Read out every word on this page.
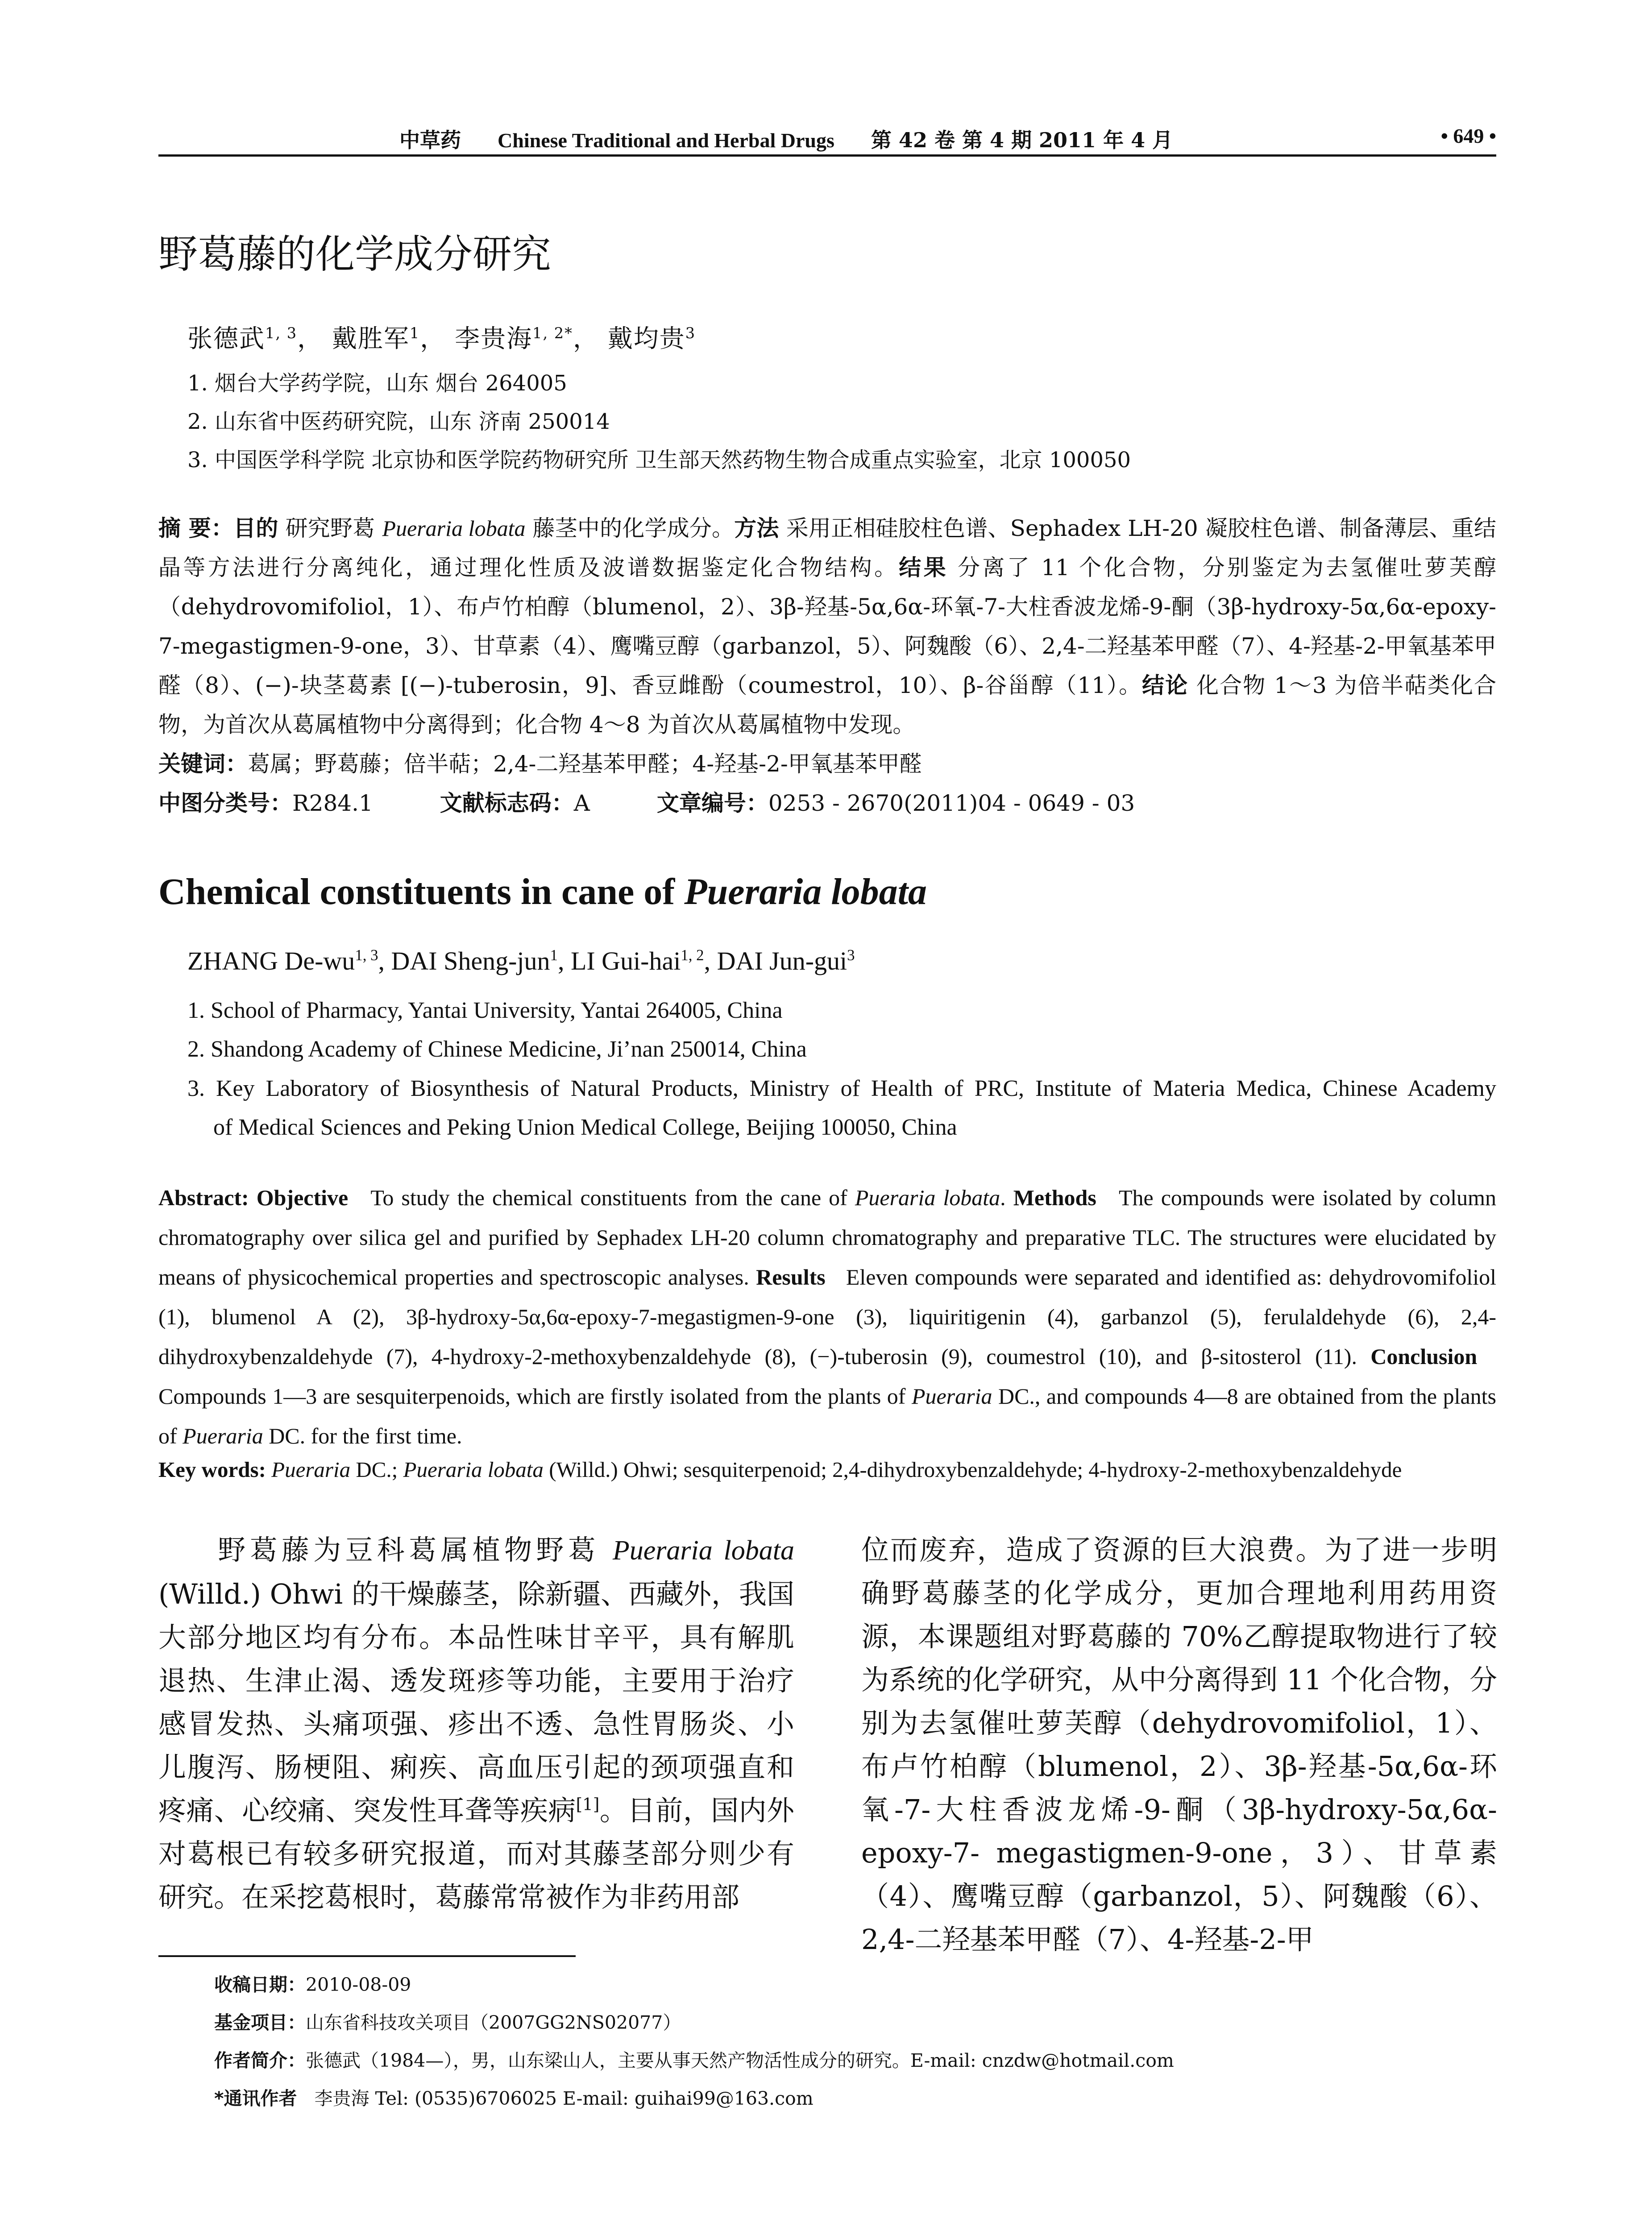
中草药 Chinese Traditional and Herbal Drugs 第 42 卷 第 4 期 2011 年 4 月	• 649 •
野葛藤的化学成分研究
张德武$^{1, 3}$， 戴胜军$^1$， 李贵海$^{1, 2*}$， 戴均贵$^3$
1. 烟台大学药学院，山东 烟台 264005
2. 山东省中医药研究院，山东 济南 250014
3. 中国医学科学院 北京协和医学院药物研究所 卫生部天然药物生物合成重点实验室，北京 100050
摘 要：目的 研究野葛 Pueraria lobata 藤茎中的化学成分。方法 采用正相硅胶柱色谱、Sephadex LH-20 凝胶柱色谱、制备薄层、重结晶等方法进行分离纯化，通过理化性质及波谱数据鉴定化合物结构。结果 分离了 11 个化合物，分别鉴定为去氢催吐萝芙醇（dehydrovomifoliol，1）、布卢竹柏醇（blumenol，2）、3β-羟基-5α,6α-环氧-7-大柱香波龙烯-9-酮（3β-hydroxy-5α,6α-epoxy-7-megastigmen-9-one，3）、甘草素（4）、鹰嘴豆醇（garbanzol，5）、阿魏酸（6）、2,4-二羟基苯甲醛（7）、4-羟基-2-甲氧基苯甲醛（8）、(−)-块茎葛素 [(−)-tuberosin，9]、香豆雌酚（coumestrol，10）、β-谷甾醇（11）。结论 化合物 1～3 为倍半萜类化合物，为首次从葛属植物中分离得到；化合物 4～8 为首次从葛属植物中发现。
关键词：葛属；野葛藤；倍半萜；2,4-二羟基苯甲醛；4-羟基-2-甲氧基苯甲醛
中图分类号：R284.1	文献标志码：A	文章编号：0253 - 2670(2011)04 - 0649 - 03
Chemical constituents in cane of Pueraria lobata
ZHANG De-wu$^{1, 3}$, DAI Sheng-jun$^1$, LI Gui-hai$^{1, 2}$, DAI Jun-gui$^3$
1. School of Pharmacy, Yantai University, Yantai 264005, China
2. Shandong Academy of Chinese Medicine, Ji’nan 250014, China
3. Key Laboratory of Biosynthesis of Natural Products, Ministry of Health of PRC, Institute of Materia Medica, Chinese Academy
of Medical Sciences and Peking Union Medical College, Beijing 100050, China
Abstract: Objective To study the chemical constituents from the cane of Pueraria lobata. Methods The compounds were isolated by column chromatography over silica gel and purified by Sephadex LH-20 column chromatography and preparative TLC. The structures were elucidated by means of physicochemical properties and spectroscopic analyses. Results Eleven compounds were separated and identified as: dehydrovomifoliol (1), blumenol A (2), 3β-hydroxy-5α,6α-epoxy-7-megastigmen-9-one (3), liquiritigenin (4), garbanzol (5), ferulaldehyde (6), 2,4-dihydroxybenzaldehyde (7), 4-hydroxy-2-methoxybenzaldehyde (8), (−)-tuberosin (9), coumestrol (10), and β-sitosterol (11). Conclusion   Compounds 1—3 are sesquiterpenoids, which are firstly isolated from the plants of Pueraria DC., and compounds 4—8 are obtained from the plants of Pueraria DC. for the first time.
Key words: Pueraria DC.; Pueraria lobata (Willd.) Ohwi; sesquiterpenoid; 2,4-dihydroxybenzaldehyde; 4-hydroxy-2-methoxybenzaldehyde
野葛藤为豆科葛属植物野葛 Pueraria lobata (Willd.) Ohwi 的干燥藤茎，除新疆、西藏外，我国大部分地区均有分布。本品性味甘辛平，具有解肌退热、生津止渴、透发斑疹等功能，主要用于治疗感冒发热、头痛项强、疹出不透、急性胃肠炎、小儿腹泻、肠梗阻、痢疾、高血压引起的颈项强直和疼痛、心绞痛、突发性耳聋等疾病[1]。目前，国内外对葛根已有较多研究报道，而对其藤茎部分则少有研究。在采挖葛根时，葛藤常常被作为非药用部
位而废弃，造成了资源的巨大浪费。为了进一步明确野葛藤茎的化学成分，更加合理地利用药用资源，本课题组对野葛藤的 70%乙醇提取物进行了较为系统的化学研究，从中分离得到 11 个化合物，分别为去氢催吐萝芙醇（dehydrovomifoliol，1）、布卢竹柏醇（blumenol，2）、3β-羟基-5α,6α-环氧-7-大柱香波龙烯-9-酮（3β-hydroxy-5α,6α-epoxy-7- megastigmen-9-one，3）、甘草素（4）、鹰嘴豆醇（garbanzol，5）、阿魏酸（6）、2,4-二羟基苯甲醛（7）、4-羟基-2-甲
收稿日期：2010-08-09
基金项目：山东省科技攻关项目（2007GG2NS02077）
作者简介：张德武（1984—），男，山东梁山人，主要从事天然产物活性成分的研究。E-mail: cnzdw@hotmail.com
*通讯作者 李贵海 Tel: (0535)6706025 E-mail: guihai99@163.com
